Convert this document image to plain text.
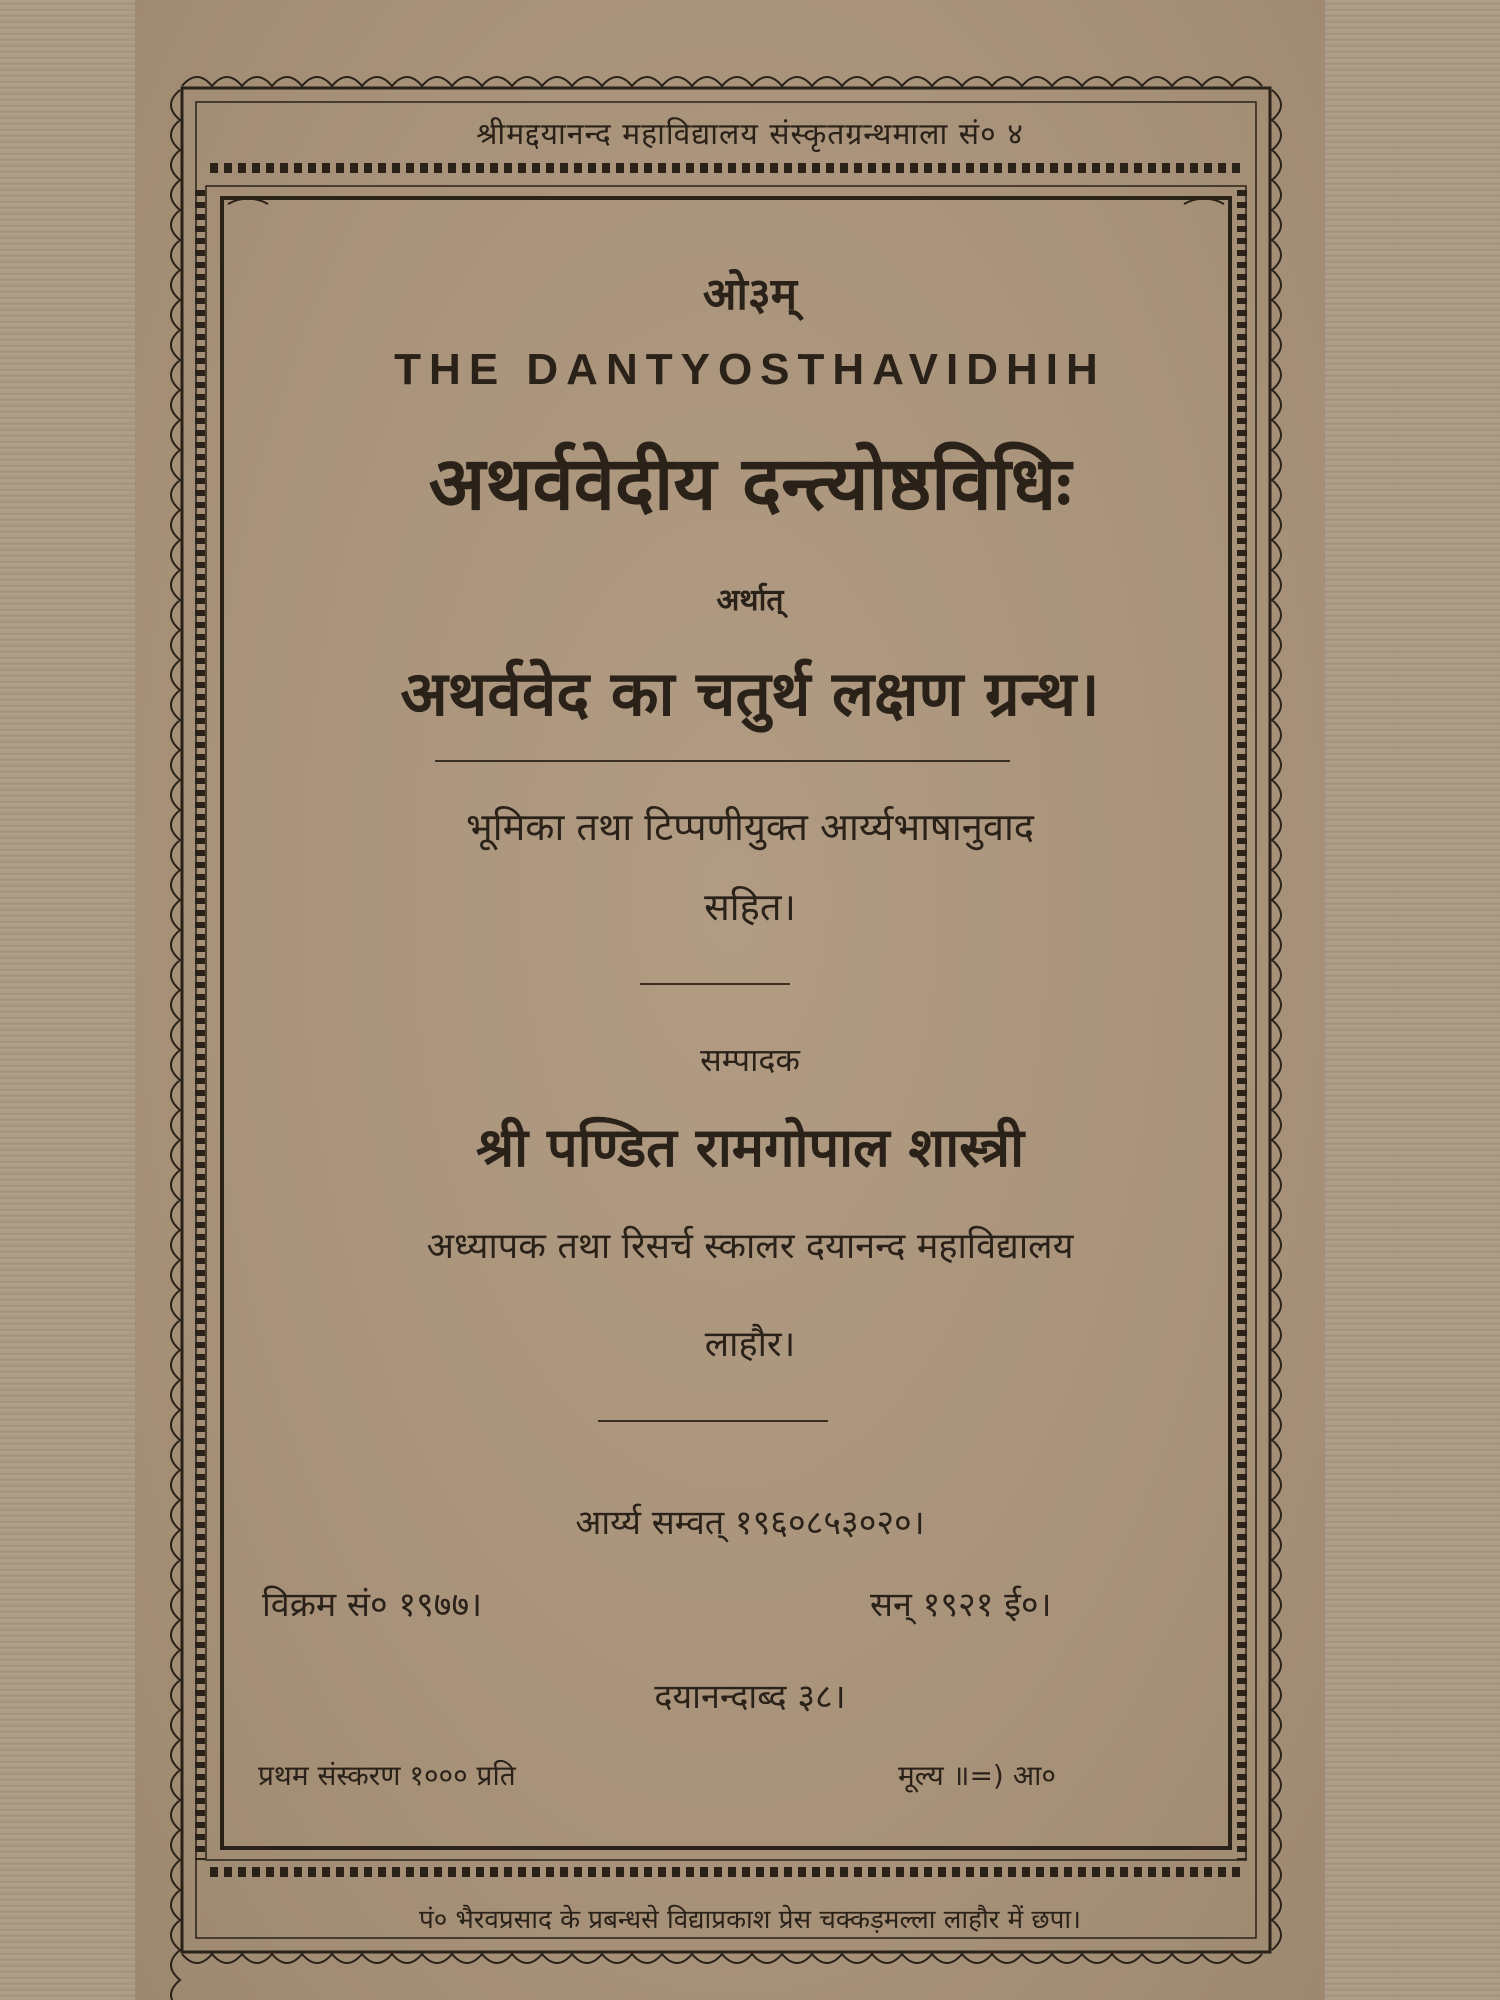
श्रीमद्दयानन्द महाविद्यालय संस्कृतग्रन्थमाला सं० ४
ओ३म्
THE DANTYOSTHAVIDHIH
अथर्ववेदीय दन्त्योष्ठविधिः
अर्थात्
अथर्ववेद का चतुर्थ लक्षण ग्रन्थ।
भूमिका तथा टिप्पणीयुक्त आर्य्यभाषानुवाद
सहित।
सम्पादक
श्री पण्डित रामगोपाल शास्त्री
अध्यापक तथा रिसर्च स्कालर दयानन्द महाविद्यालय
लाहौर।
आर्य्य सम्वत् १९६०८५३०२०।
विक्रम सं० १९७७।	सन् १९२१ ई०।
दयानन्दाब्द ३८।
प्रथम संस्करण १००० प्रति	मूल्य ॥=) आ०
पं० भैरवप्रसाद के प्रबन्धसे विद्याप्रकाश प्रेस चक्कड़मल्ला लाहौर में छपा।
